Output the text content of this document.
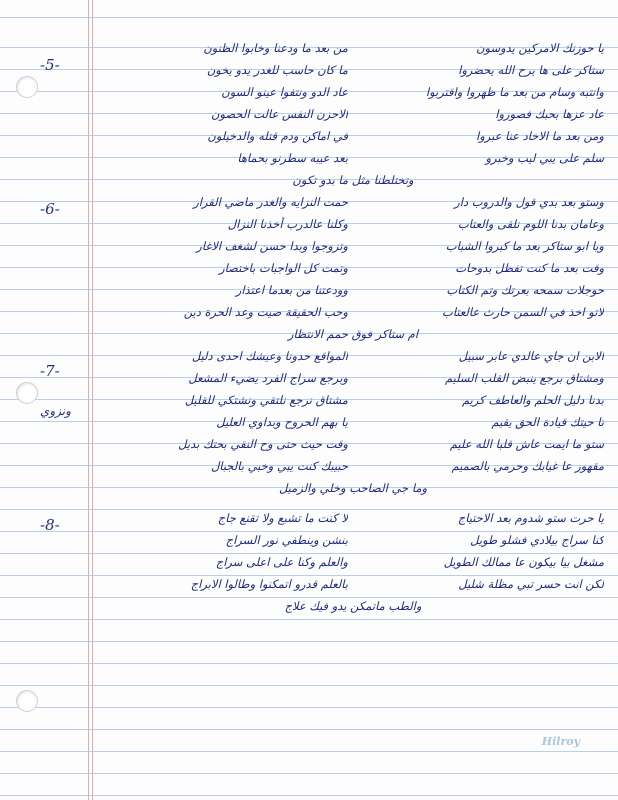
-5-
يا حوزنك الامركين يدوسون
من بعد ما ودعنا وخابوا الظنون
ستاكر على ها يرح الله يحضروا
ما كان حاسب للغدر يدو يخون
وانتبه وسام من بعد ما ظهروا واقتربوا
عاد الدو ونتفوا عينو السون
عاد عزها بحبك فصوروا
الاحزن النفس عالت الحصون
ومن بعد ما الاخاد عنا عبروا
في اماكن ودم قتله والدخيلون
سلم على يبي ليب وخبرو
بعد عيبه سطرنو بحماها
وتختلطنا مثل ما بدو تكون
-6-	وستو بعد بدي قول والدروب دار
حمت النزايه والغدر ماضي القرار
وعامان بدنا اللوم نلقى والعتاب
وكلنا عالدرب أخذنا النزال
ويا ابو ستاكر بعد ما كبروا الشباب
وتزوجوا وبدا حسن لشغف الاغار
وقت بعد ما كنت تفطل بدوحات
وتمت كل الواجبات باختصار
حوجلات سمحه بعرتك وتم الكتاب
وودعتنا من بعدما اعتذار
لاتو اخذ في السمن حارث عالعتاب
وحب الحقيقة صيت وعد الحرة دين
ام ستاكر فوق حمم الانتظار
-7-
ونزوي
الابن ان جاي عالدي عابر سبيل
المواقع حدونا وعيشك احدى دليل
ومشتاق برجع ينبض القلب السليم
وبرجع سراج الفرد يضيء المشعل
بدنا دليل الحلم والعاطف كريم
مشتاق نرجع نلتقي ونشتكي للقليل
تا حيتك قيادة الحق يقيم
يا بهم الحروح وبداوي العليل
ستو ما ايمت عاش قلبا الله عليم
وقت حيث حتى وح النقي بحتك بديل
مقهور عا غيابك وحرمي بالصميم
حبيبك كنت يبي وخبي بالجبال
وما جي الصاحب وخلي والزميل
-8-	يا حرت ستو شدوم بعد الاحتياج
لا كنت ما تشبع ولا تقنع جاج
كنا سراج بيلادي فشلو طويل
بنشن وينطفي نور السراج
مشغل بيا بيكون عا ممالك الطويل
والعلم وكنا على اعلى سراج
لكن انت حسر تبي مظلة شليل
بالعلم قدرو اتمكنوا وطالوا الابراج
والطب ماتمكن يدو فيك علاج
Hilroy
